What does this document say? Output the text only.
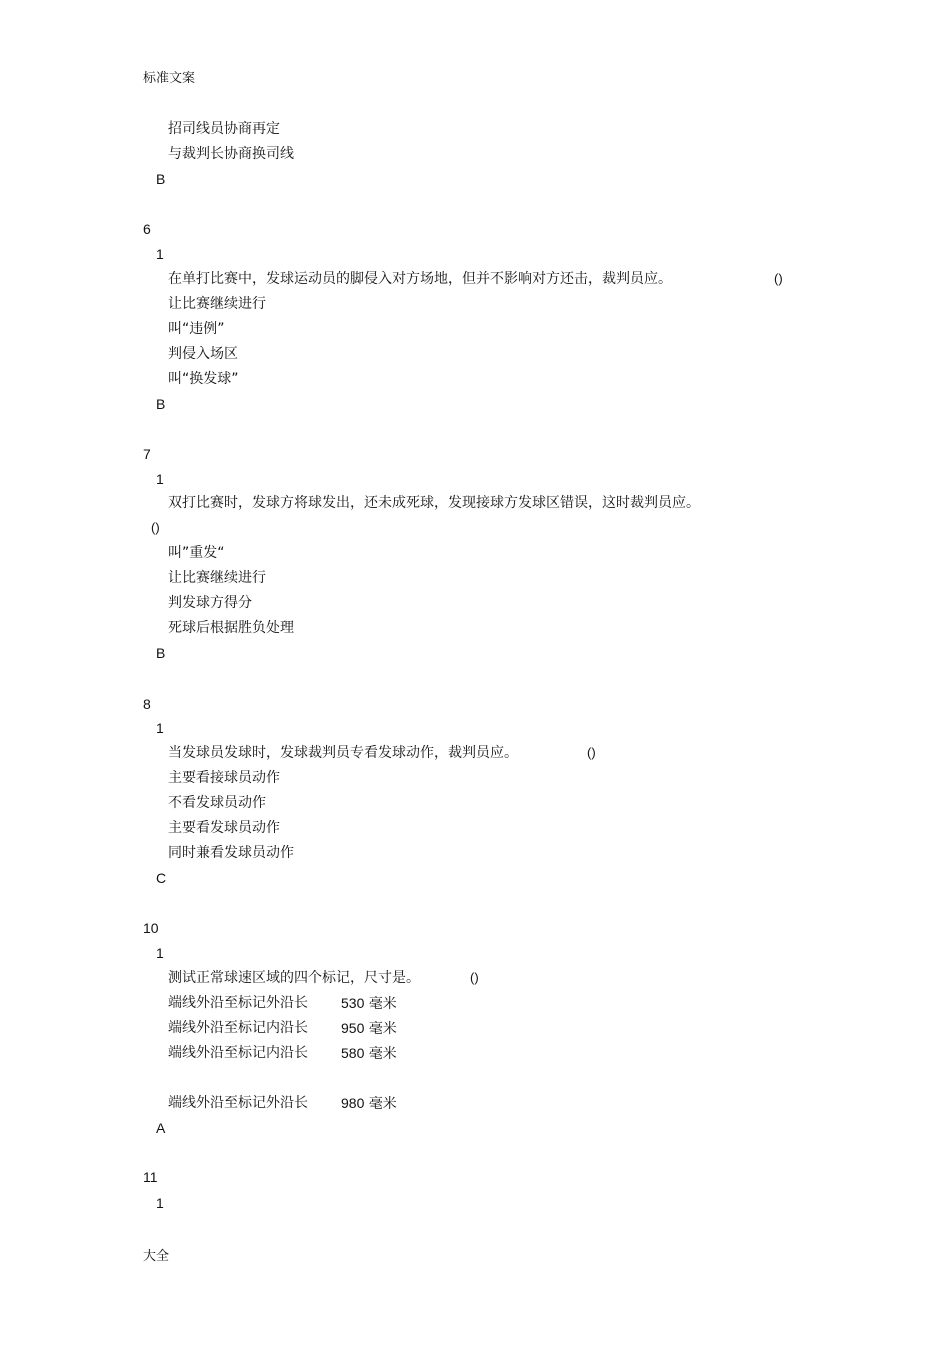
标准文案
招司线员协商再定
与裁判长协商换司线
B
6
1
在单打比赛中，发球运动员的脚侵入对方场地，但并不影响对方还击，裁判员应。	()
让比赛继续进行
叫“违例”
判侵入场区
叫“换发球”
B
7
1
双打比赛时，发球方将球发出，还未成死球，发现接球方发球区错误，这时裁判员应。
()
叫”重发“
让比赛继续进行
判发球方得分
死球后根据胜负处理
B
8
1
当发球员发球时，发球裁判员专看发球动作，裁判员应。	()
主要看接球员动作
不看发球员动作
主要看发球员动作
同时兼看发球员动作
C
10
1
测试正常球速区域的四个标记，尺寸是。	()
端线外沿至标记外沿长 530 毫米
端线外沿至标记内沿长 950 毫米
端线外沿至标记内沿长 580 毫米
端线外沿至标记外沿长 980 毫米
A
11
1
大全
